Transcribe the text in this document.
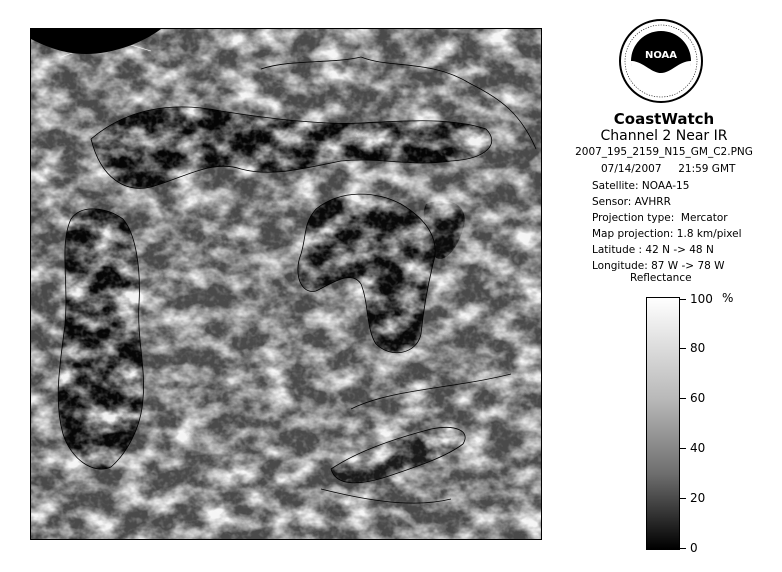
NOAA
CoastWatch
Channel 2 Near IR
2007_195_2159_N15_GM_C2.PNG
07/14/2007     21:59 GMT
Satellite: NOAA-15
Sensor: AVHRR
Projection type:  Mercator
Map projection: 1.8 km/pixel
Latitude : 42 N -> 48 N
Longitude: 87 W -> 78 W
Reflectance
%
100
80
60
40
20
0
